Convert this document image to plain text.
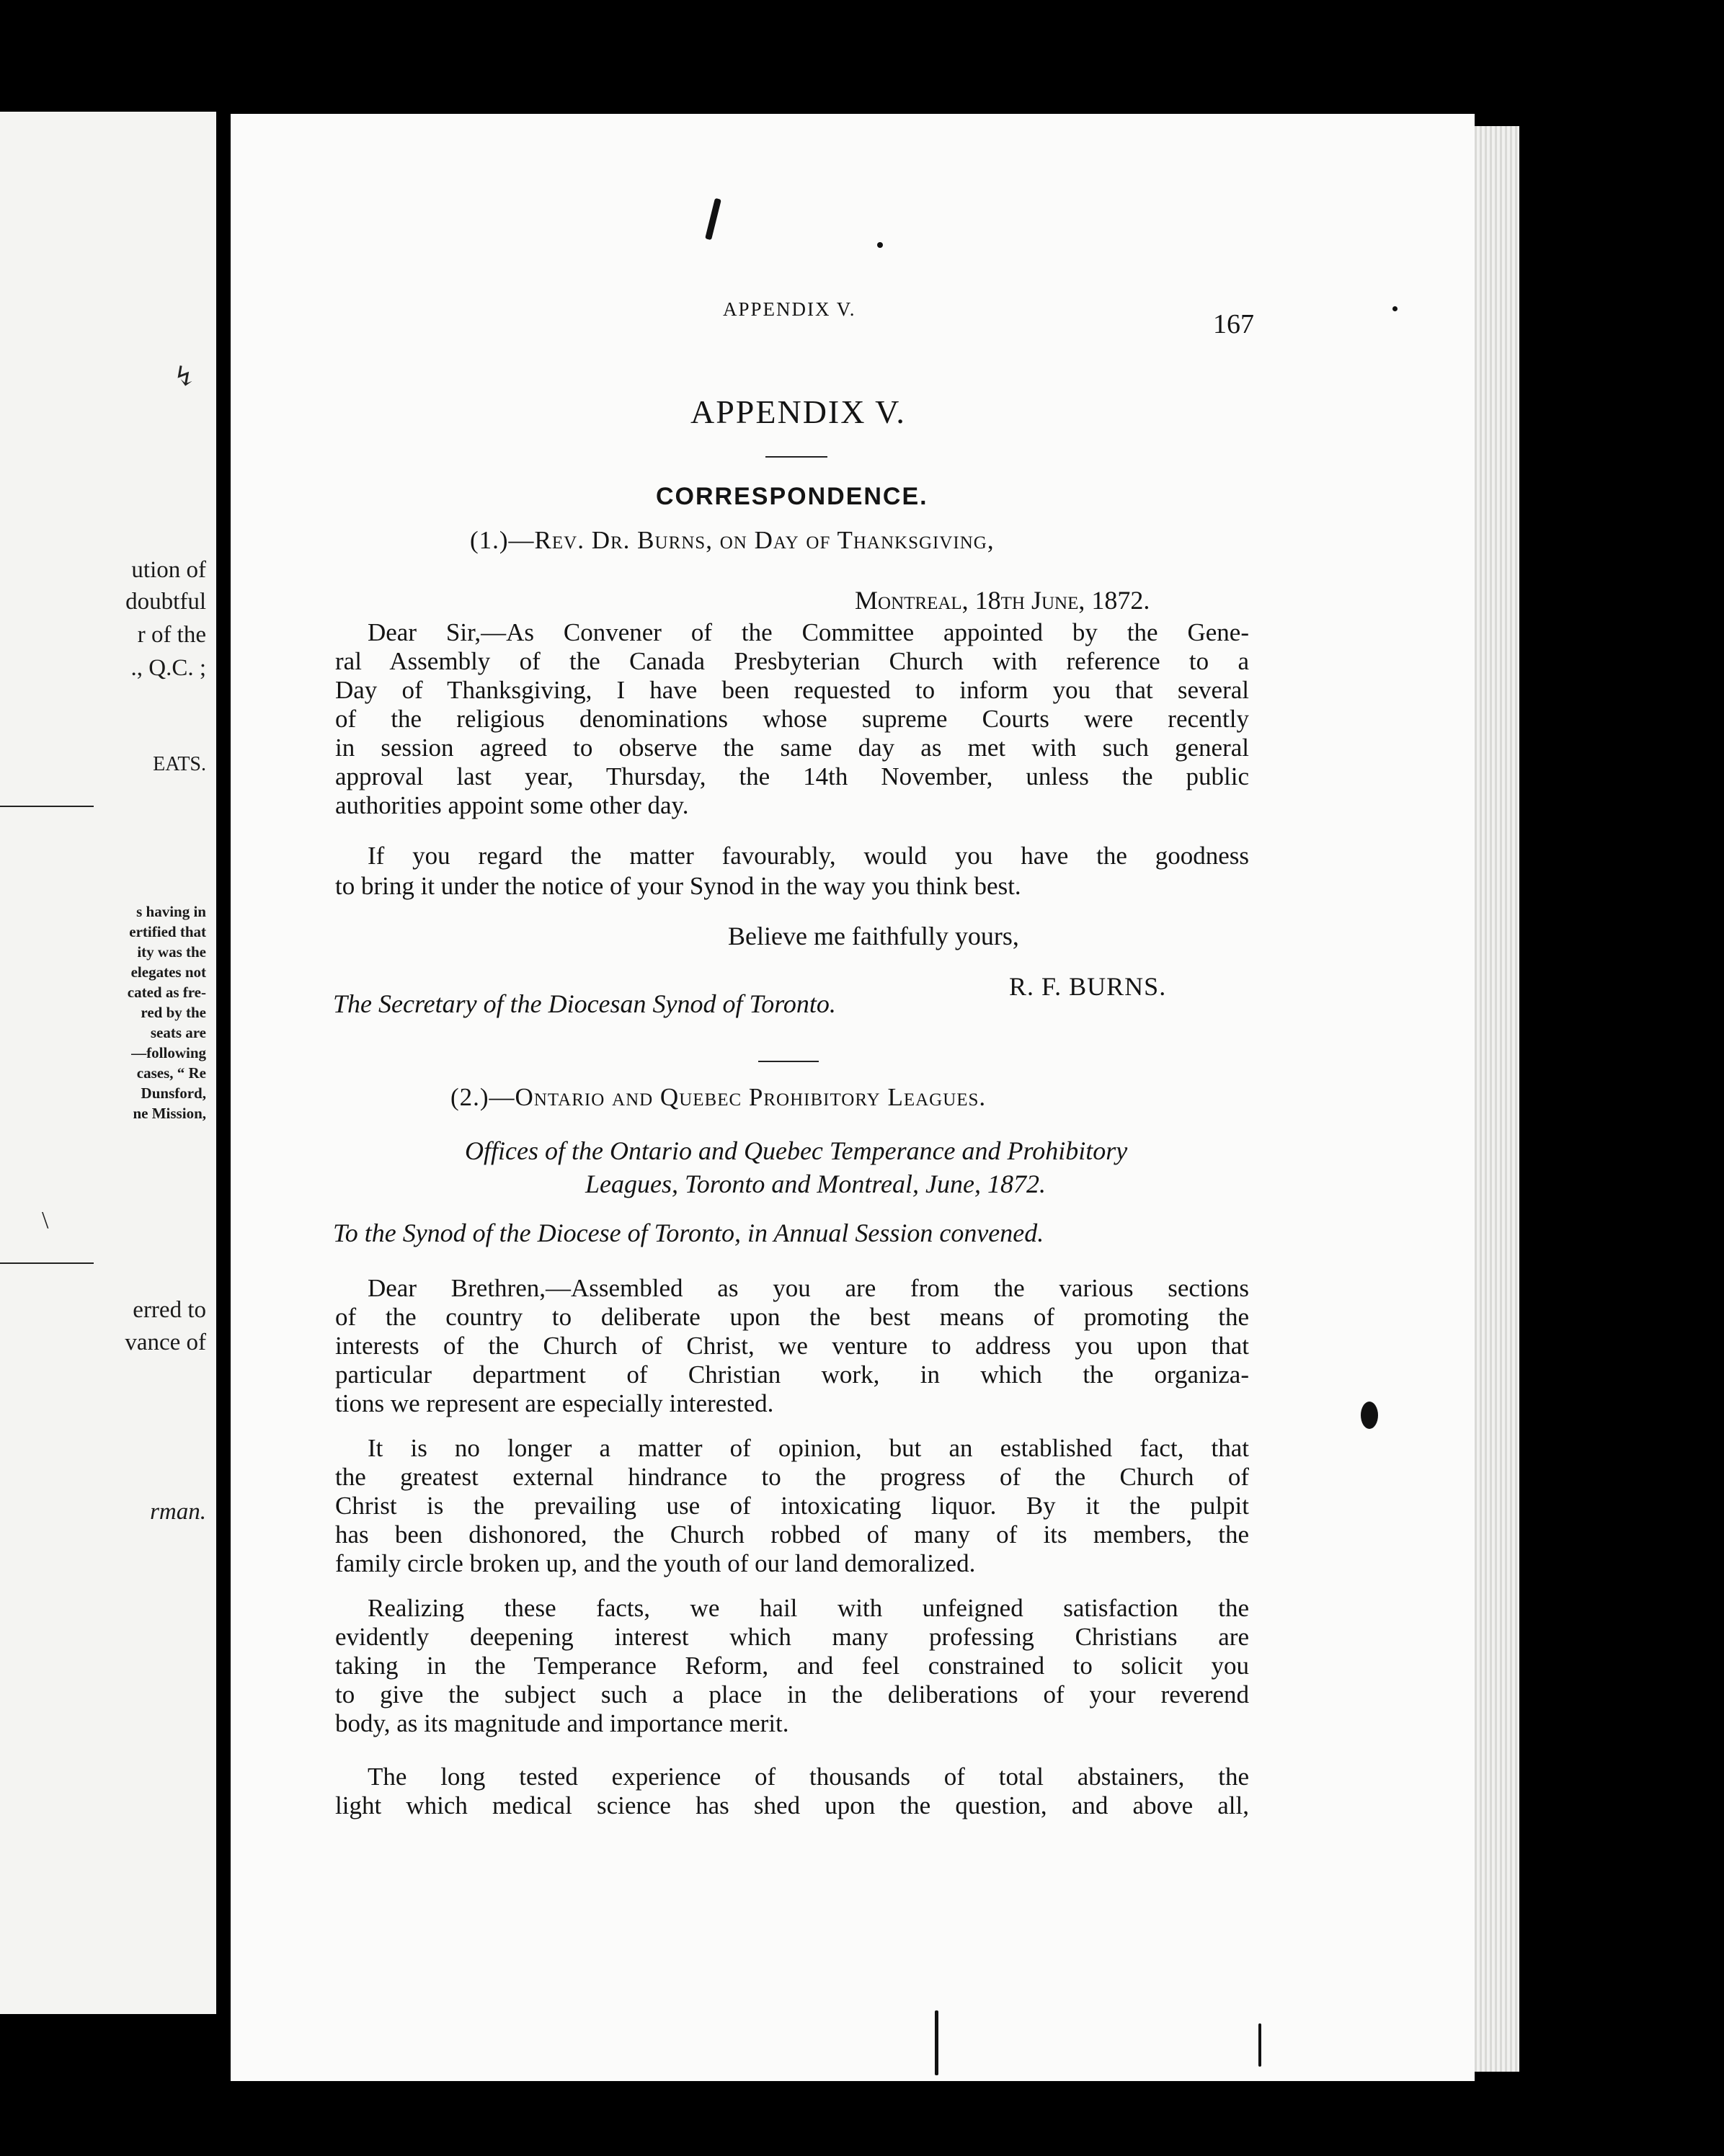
↯
ution of
doubtful
r of the
., Q.C. ;
EATS.
s having in
ertified that
ity was the
elegates not
cated as fre-
red by the
seats are
—following
cases, “ Re
Dunsford,
ne Mission,
\
erred to
vance of
rman.
APPENDIX V.	167
APPENDIX V.
CORRESPONDENCE.
(1.)—Rev. Dr. Burns, on Day of Thanksgiving,
Montreal, 18th June, 1872.
Dear Sir,—As Convener of the Committee appointed by the Gene-
ral Assembly of the Canada Presbyterian Church with reference to a
Day of Thanksgiving, I have been requested to inform you that several
of the religious denominations whose supreme Courts were recently
in session agreed to observe the same day as met with such general
approval last year, Thursday, the 14th November, unless the public
authorities appoint some other day.
If you regard the matter favourably, would you have the goodness
to bring it under the notice of your Synod in the way you think best.
Believe me faithfully yours,
R. F. BURNS.
The Secretary of the Diocesan Synod of Toronto.
(2.)—Ontario and Quebec Prohibitory Leagues.
Offices of the Ontario and Quebec Temperance and Prohibitory
Leagues, Toronto and Montreal, June, 1872.
To the Synod of the Diocese of Toronto, in Annual Session convened.
Dear Brethren,—Assembled as you are from the various sections
of the country to deliberate upon the best means of promoting the
interests of the Church of Christ, we venture to address you upon that
particular department of Christian work, in which the organiza-
tions we represent are especially interested.
It is no longer a matter of opinion, but an established fact, that
the greatest external hindrance to the progress of the Church of
Christ is the prevailing use of intoxicating liquor. By it the pulpit
has been dishonored, the Church robbed of many of its members, the
family circle broken up, and the youth of our land demoralized.
Realizing these facts, we hail with unfeigned satisfaction the
evidently deepening interest which many professing Christians are
taking in the Temperance Reform, and feel constrained to solicit you
to give the subject such a place in the deliberations of your reverend
body, as its magnitude and importance merit.
The long tested experience of thousands of total abstainers, the
light which medical science has shed upon the question, and above all,
